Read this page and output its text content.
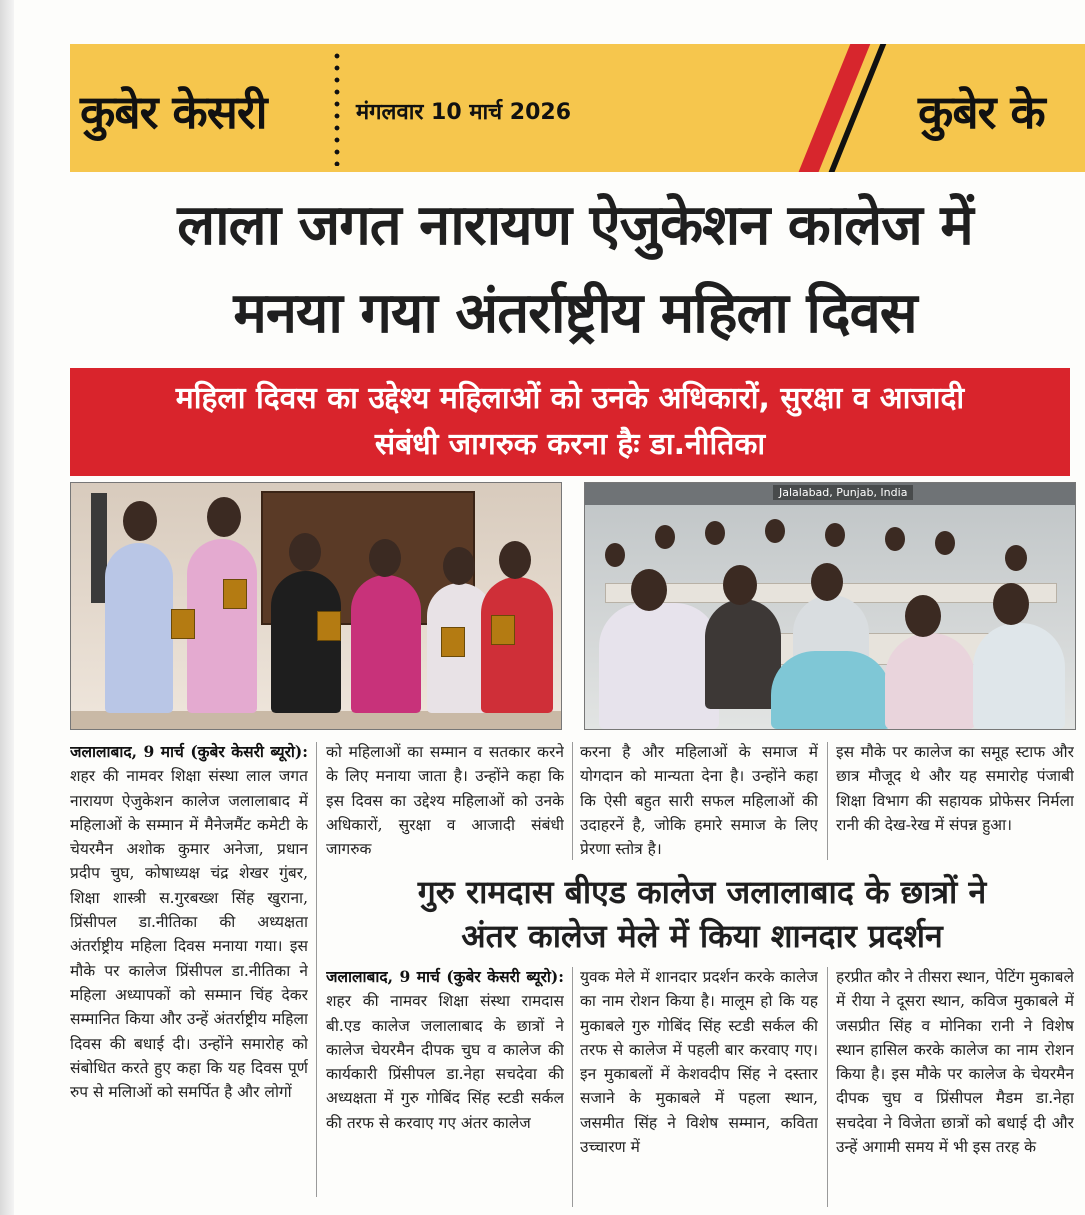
कुबेर केसरी	मंगलवार 10 मार्च 2026	कुबेर के
लाला जगत नारायण ऐजुकेशन कालेज में
मनया गया अंतर्राष्ट्रीय महिला दिवस
महिला दिवस का उद्देश्य महिलाओं को उनके अधिकारों, सुरक्षा व आजादी
संबंधी जागरुक करना हैः डा.नीतिका
Jalalabad, Punjab, India
जलालाबाद, 9 मार्च (कुबेर केसरी ब्यूरो): शहर की नामवर शिक्षा संस्था लाल जगत नारायण ऐजुकेशन कालेज जलालाबाद में महिलाओं के सम्मान में मैनेजमैंट कमेटी के चेयरमैन अशोक कुमार अनेजा, प्रधान प्रदीप चुघ, कोषाध्यक्ष चंद्र शेखर गुंबर, शिक्षा शास्त्री स.गुरबख्श सिंह खुराना, प्रिंसीपल डा.नीतिका की अध्यक्षता अंतर्राष्ट्रीय महिला दिवस मनाया गया। इस मौके पर कालेज प्रिंसीपल डा.नीतिका ने महिला अध्यापकों को सम्मान चिंह देकर सम्मानित किया और उन्हें अंतर्राष्ट्रीय महिला दिवस की बधाई दी। उन्होंने समारोह को संबोधित करते हुए कहा कि यह दिवस पूर्ण रुप से मलिाओं को समर्पित है और लोगों
को महिलाओं का सम्मान व सतकार करने के लिए मनाया जाता है। उन्होंने कहा कि इस दिवस का उद्देश्य महिलाओं को उनके अधिकारों, सुरक्षा व आजादी संबंधी जागरुक
करना है और महिलाओं के समाज में योगदान को मान्यता देना है। उन्होंने कहा कि ऐसी बहुत सारी सफल महिलाओं की उदाहरनें है, जोकि हमारे समाज के लिए प्रेरणा स्तोत्र है।
इस मौके पर कालेज का समूह स्टाफ और छात्र मौजूद थे और यह समारोह पंजाबी शिक्षा विभाग की सहायक प्रोफेसर निर्मला रानी की देख-रेख में संपन्न हुआ।
गुरु रामदास बीएड कालेज जलालाबाद के छात्रों ने
अंतर कालेज मेले में किया शानदार प्रदर्शन
जलालाबाद, 9 मार्च (कुबेर केसरी ब्यूरो): शहर की नामवर शिक्षा संस्था रामदास बी.एड कालेज जलालाबाद के छात्रों ने कालेज चेयरमैन दीपक चुघ व कालेज की कार्यकारी प्रिंसीपल डा.नेहा सचदेवा की अध्यक्षता में गुरु गोबिंद सिंह स्टडी सर्कल की तरफ से करवाए गए अंतर कालेज
युवक मेले में शानदार प्रदर्शन करके कालेज का नाम रोशन किया है। मालूम हो कि यह मुकाबले गुरु गोबिंद सिंह स्टडी सर्कल की तरफ से कालेज में पहली बार करवाए गए। इन मुकाबलों में केशवदीप सिंह ने दस्तार सजाने के मुकाबले में पहला स्थान, जसमीत सिंह ने विशेष सम्मान, कविता उच्चारण में
हरप्रीत कौर ने तीसरा स्थान, पेटिंग मुकाबले में रीया ने दूसरा स्थान, कविज मुकाबले में जसप्रीत सिंह व मोनिका रानी ने विशेष स्थान हासिल करके कालेज का नाम रोशन किया है। इस मौके पर कालेज के चेयरमैन दीपक चुघ व प्रिंसीपल मैडम डा.नेहा सचदेवा ने विजेता छात्रों को बधाई दी और उन्हें अगामी समय में भी इस तरह के
